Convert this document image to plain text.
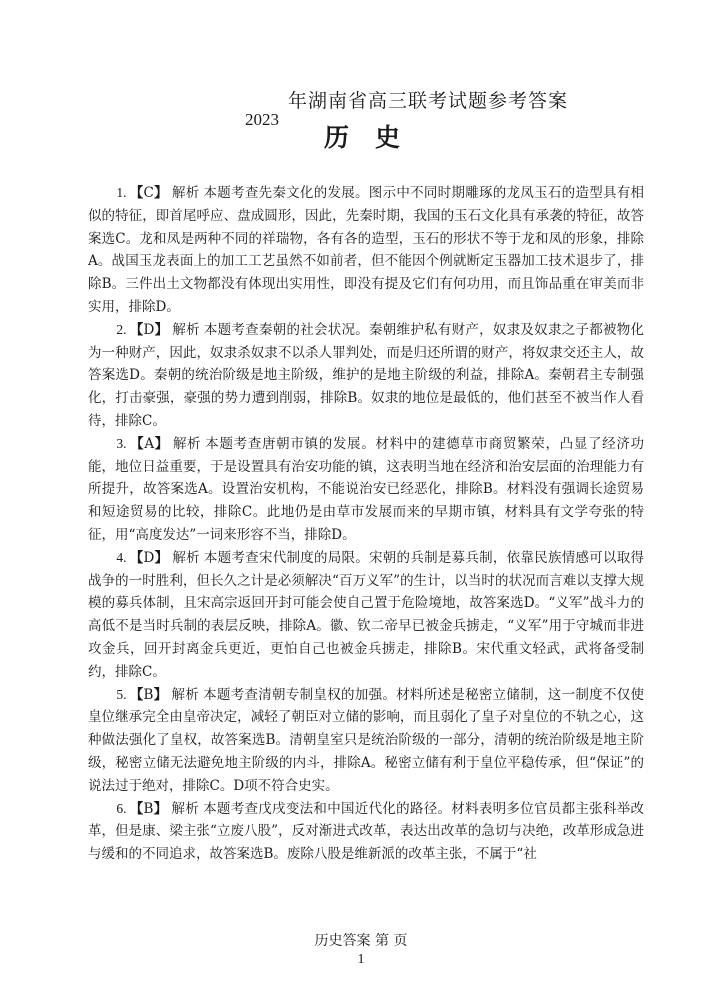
年湖南省高三联考试题参考答案
2023
历史

1. 【C】 解析 本题考查先秦文化的发展。图示中不同时期雕琢的龙凤玉石的造型具有相似的特征，即首尾呼应、盘成圆形，因此，先秦时期，我国的玉石文化具有承袭的特征，故答案选C。龙和凤是两种不同的祥瑞物，各有各的造型，玉石的形状不等于龙和凤的形象，排除A。战国玉龙表面上的加工工艺虽然不如前者，但不能因个例就断定玉器加工技术退步了，排除B。三件出土文物都没有体现出实用性，即没有提及它们有何功用，而且饰品重在审美而非实用，排除D。

2. 【D】 解析 本题考查秦朝的社会状况。秦朝维护私有财产，奴隶及奴隶之子都被物化为一种财产，因此，奴隶杀奴隶不以杀人罪判处，而是归还所谓的财产，将奴隶交还主人，故答案选D。秦朝的统治阶级是地主阶级，维护的是地主阶级的利益，排除A。秦朝君主专制强化，打击豪强，豪强的势力遭到削弱，排除B。奴隶的地位是最低的，他们甚至不被当作人看待，排除C。

3. 【A】 解析 本题考查唐朝市镇的发展。材料中的建德草市商贸繁荣，凸显了经济功能，地位日益重要，于是设置具有治安功能的镇，这表明当地在经济和治安层面的治理能力有所提升，故答案选A。设置治安机构，不能说治安已经恶化，排除B。材料没有强调长途贸易和短途贸易的比较，排除C。此地仍是由草市发展而来的早期市镇，材料具有文学夸张的特征，用“高度发达”一词来形容不当，排除D。

4. 【D】 解析 本题考查宋代制度的局限。宋朝的兵制是募兵制，依靠民族情感可以取得战争的一时胜利，但长久之计是必须解决“百万义军”的生计，以当时的状况而言难以支撑大规模的募兵体制，且宋高宗返回开封可能会使自己置于危险境地，故答案选D。“义军”战斗力的高低不是当时兵制的表层反映，排除A。徽、钦二帝早已被金兵掳走，“义军”用于守城而非进攻金兵，回开封离金兵更近，更怕自己也被金兵掳走，排除B。宋代重文轻武，武将备受制约，排除C。

5. 【B】 解析 本题考查清朝专制皇权的加强。材料所述是秘密立储制，这一制度不仅使皇位继承完全由皇帝决定，减轻了朝臣对立储的影响，而且弱化了皇子对皇位的不轨之心，这种做法强化了皇权，故答案选B。清朝皇室只是统治阶级的一部分，清朝的统治阶级是地主阶级，秘密立储无法避免地主阶级的内斗，排除A。秘密立储有利于皇位平稳传承，但“保证”的说法过于绝对，排除C。D项不符合史实。

6. 【B】 解析 本题考查戊戌变法和中国近代化的路径。材料表明多位官员都主张科举改革，但是康、梁主张“立废八股”，反对渐进式改革，表达出改革的急切与决绝，改革形成急进与缓和的不同追求，故答案选B。废除八股是维新派的改革主张，不属于“社

历史答案 第 页
1
